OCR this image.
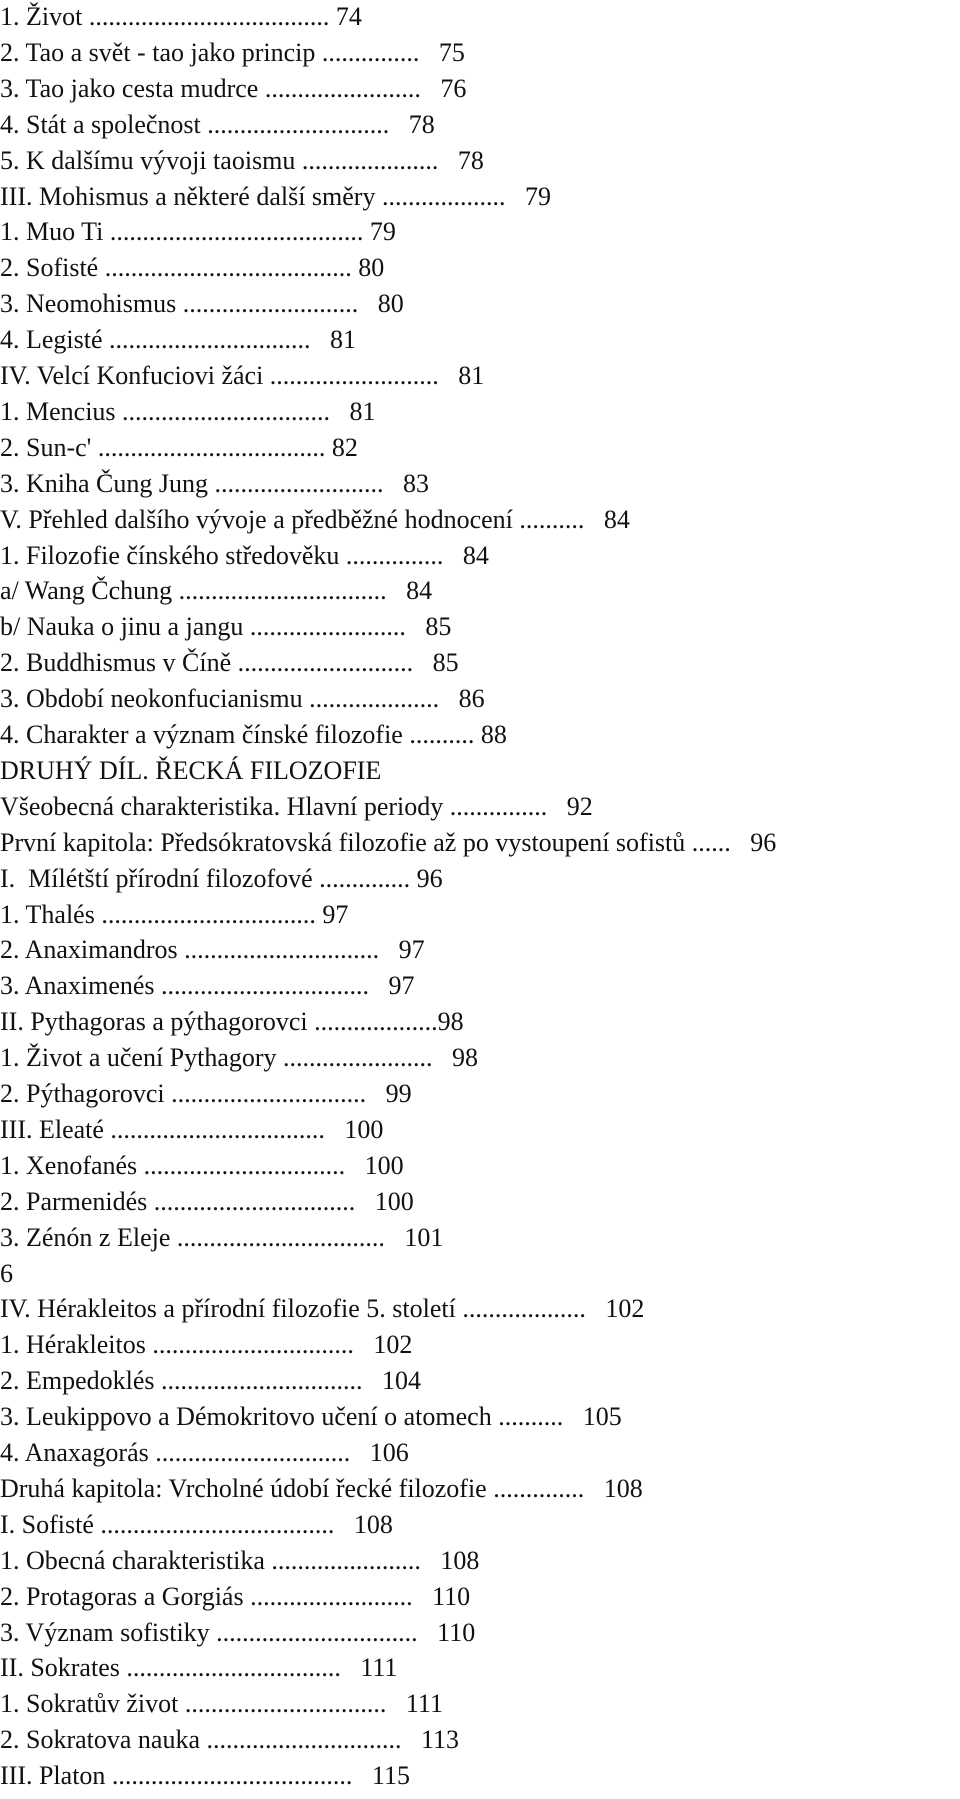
1. Život ..................................... 74
2. Tao a svět - tao jako princip ...............   75
3. Tao jako cesta mudrce ........................   76
4. Stát a společnost ............................   78
5. K dalšímu vývoji taoismu .....................   78
III. Mohismus a některé další směry ...................   79
1. Muo Ti ....................................... 79
2. Sofisté ...................................... 80
3. Neomohismus ...........................   80
4. Legisté ...............................   81
IV. Velcí Konfuciovi žáci ..........................   81
1. Mencius ................................   81
2. Sun-c' ................................... 82
3. Kniha Čung Jung ..........................   83
V. Přehled dalšího vývoje a předběžné hodnocení ..........   84
1. Filozofie čínského středověku ...............   84
a/ Wang Čchung ................................   84
b/ Nauka o jinu a jangu ........................   85
2. Buddhismus v Číně ...........................   85
3. Období neokonfucianismu ....................   86
4. Charakter a význam čínské filozofie .......... 88
DRUHÝ DÍL. ŘECKÁ FILOZOFIE
Všeobecná charakteristika. Hlavní periody ...............   92
První kapitola: Předsókratovská filozofie až po vystoupení sofistů ......   96
I.  Mílétští přírodní filozofové .............. 96
1. Thalés ................................. 97
2. Anaximandros ..............................   97
3. Anaximenés ................................   97
II. Pythagoras a pýthagorovci ...................98
1. Život a učení Pythagory .......................   98
2. Pýthagorovci ..............................   99
III. Eleaté .................................   100
1. Xenofanés ...............................   100
2. Parmenidés ...............................   100
3. Zénón z Eleje ................................   101
6
IV. Hérakleitos a přírodní filozofie 5. století ...................   102
1. Hérakleitos ...............................   102
2. Empedoklés ...............................   104
3. Leukippovo a Démokritovo učení o atomech ..........   105
4. Anaxagorás ..............................   106
Druhá kapitola: Vrcholné údobí řecké filozofie ..............   108
I. Sofisté ....................................   108
1. Obecná charakteristika .......................   108
2. Protagoras a Gorgiás .........................   110
3. Význam sofistiky ...............................   110
II. Sokrates .................................   111
1. Sokratův život ...............................   111
2. Sokratova nauka ..............................   113
III. Platon .....................................   115
